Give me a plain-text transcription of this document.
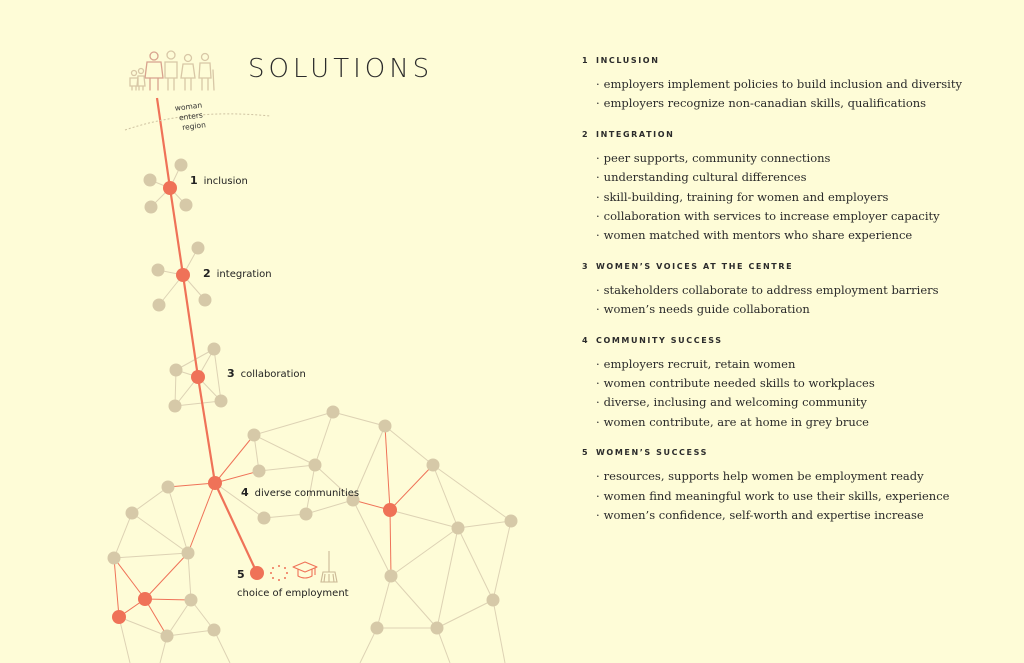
SOLUTIONS
woman
enters
region
1 inclusion
2 integration
3 collaboration
4 diverse communities
5
choice of employment
1 INCLUSION
· employers implement policies to build inclusion and diversity
· employers recognize non-canadian skills, qualifications
2 INTEGRATION
· peer supports, community connections
· understanding cultural differences
· skill-building, training for women and employers
· collaboration with services to increase employer capacity
· women matched with mentors who share experience
3 WOMEN’S VOICES AT THE CENTRE
· stakeholders collaborate to address employment barriers
· women’s needs guide collaboration
4 COMMUNITY SUCCESS
· employers recruit, retain women
· women contribute needed skills to workplaces
· diverse, inclusing and welcoming community
· women contribute, are at home in grey bruce
5 WOMEN’S SUCCESS
· resources, supports help women be employment ready
· women find meaningful work to use their skills, experience
· women’s confidence, self-worth and expertise increase
